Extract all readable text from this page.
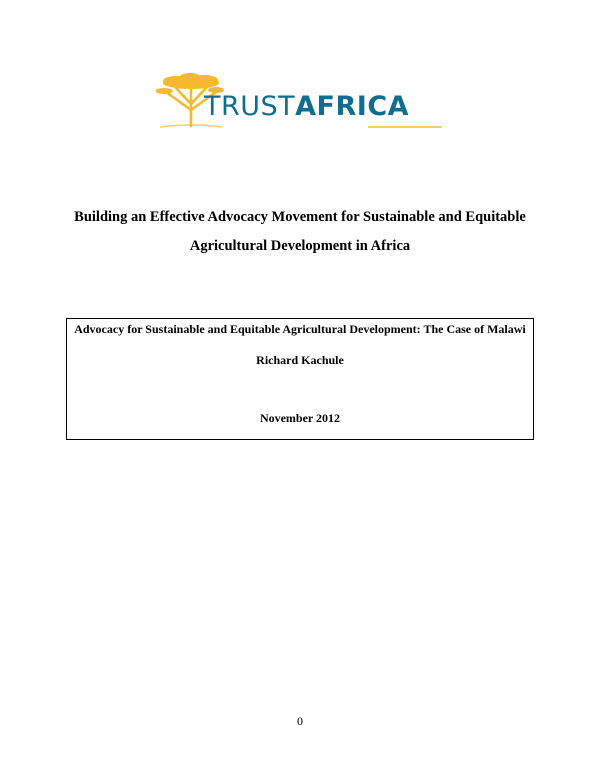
TRUSTAFRICA
Building an Effective Advocacy Movement for Sustainable and Equitable
Agricultural Development in Africa
Advocacy for Sustainable and Equitable Agricultural Development: The Case of Malawi
Richard Kachule
November 2012
0
